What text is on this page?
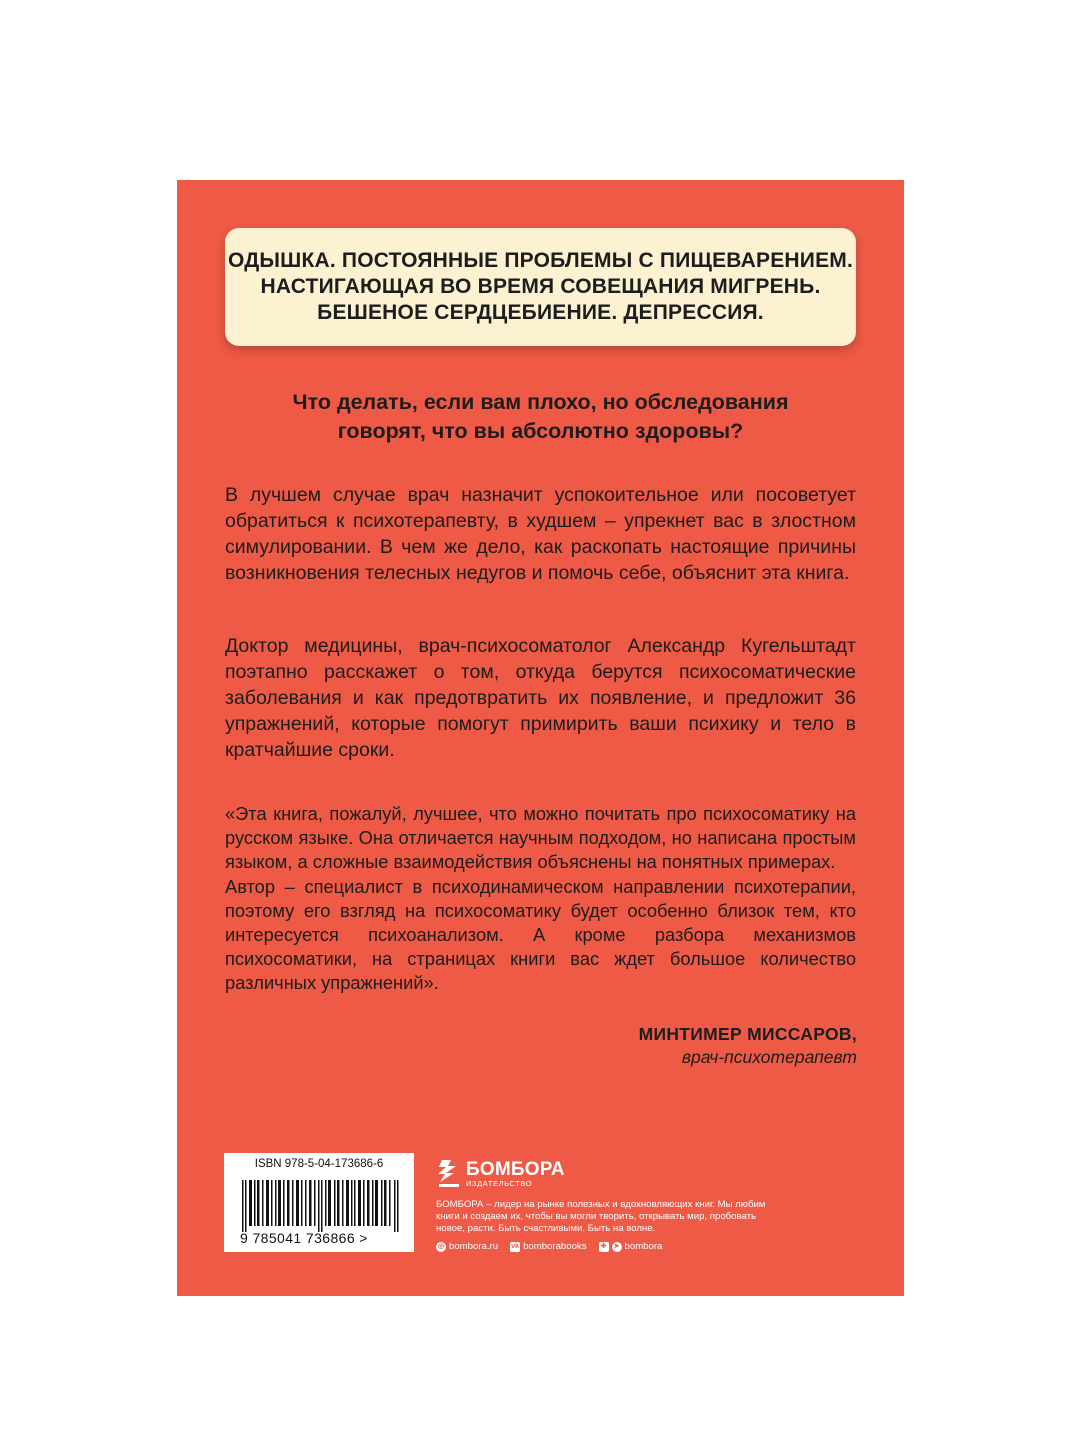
ОДЫШКА. ПОСТОЯННЫЕ ПРОБЛЕМЫ С ПИЩЕВАРЕНИЕМ.
НАСТИГАЮЩАЯ ВО ВРЕМЯ СОВЕЩАНИЯ МИГРЕНЬ.
БЕШЕНОЕ СЕРДЦЕБИЕНИЕ. ДЕПРЕССИЯ.
Что делать, если вам плохо, но обследования
говорят, что вы абсолютно здоровы?

В лучшем случае врач назначит успокоительное или посоветует обратиться к психотерапевту, в худшем – упрекнет вас в злостном симулировании. В чем же дело, как раскопать настоящие причины возникновения телесных недугов и помочь себе, объяснит эта книга.

Доктор медицины, врач-психосоматолог Александр Кугельштадт поэтапно расскажет о том, откуда берутся психосоматические заболевания и как предотвратить их появление, и предложит 36 упражнений, которые помогут примирить ваши психику и тело в кратчайшие сроки.

«Эта книга, пожалуй, лучшее, что можно почитать про психосоматику на русском языке. Она отличается научным подходом, но написана простым языком, а сложные взаимодействия объяснены на понятных примерах.

Автор – специалист в психодинамическом направлении психотерапии, поэтому его взгляд на психосоматику будет особенно близок тем, кто интересуется психоанализом. А кроме разбора механизмов психосоматики, на страницах книги вас ждет большое количество различных упражнений».

МИНТИМЕР МИССАРОВ,
врач-психотерапевт
ISBN 978-5-04-173686-6
9 785041 736866 >
БОМБОРА
ИЗДАТЕЛЬСТВО
БОМБОРА – лидер на рынке полезных и вдохновляющих книг. Мы любим книги и создаем их, чтобы вы могли творить, открывать мир, пробовать новое, расти. Быть счастливыми. Быть на волне.
◎ bombora.ru vk bomborabooks ✚ ➤ bombora
